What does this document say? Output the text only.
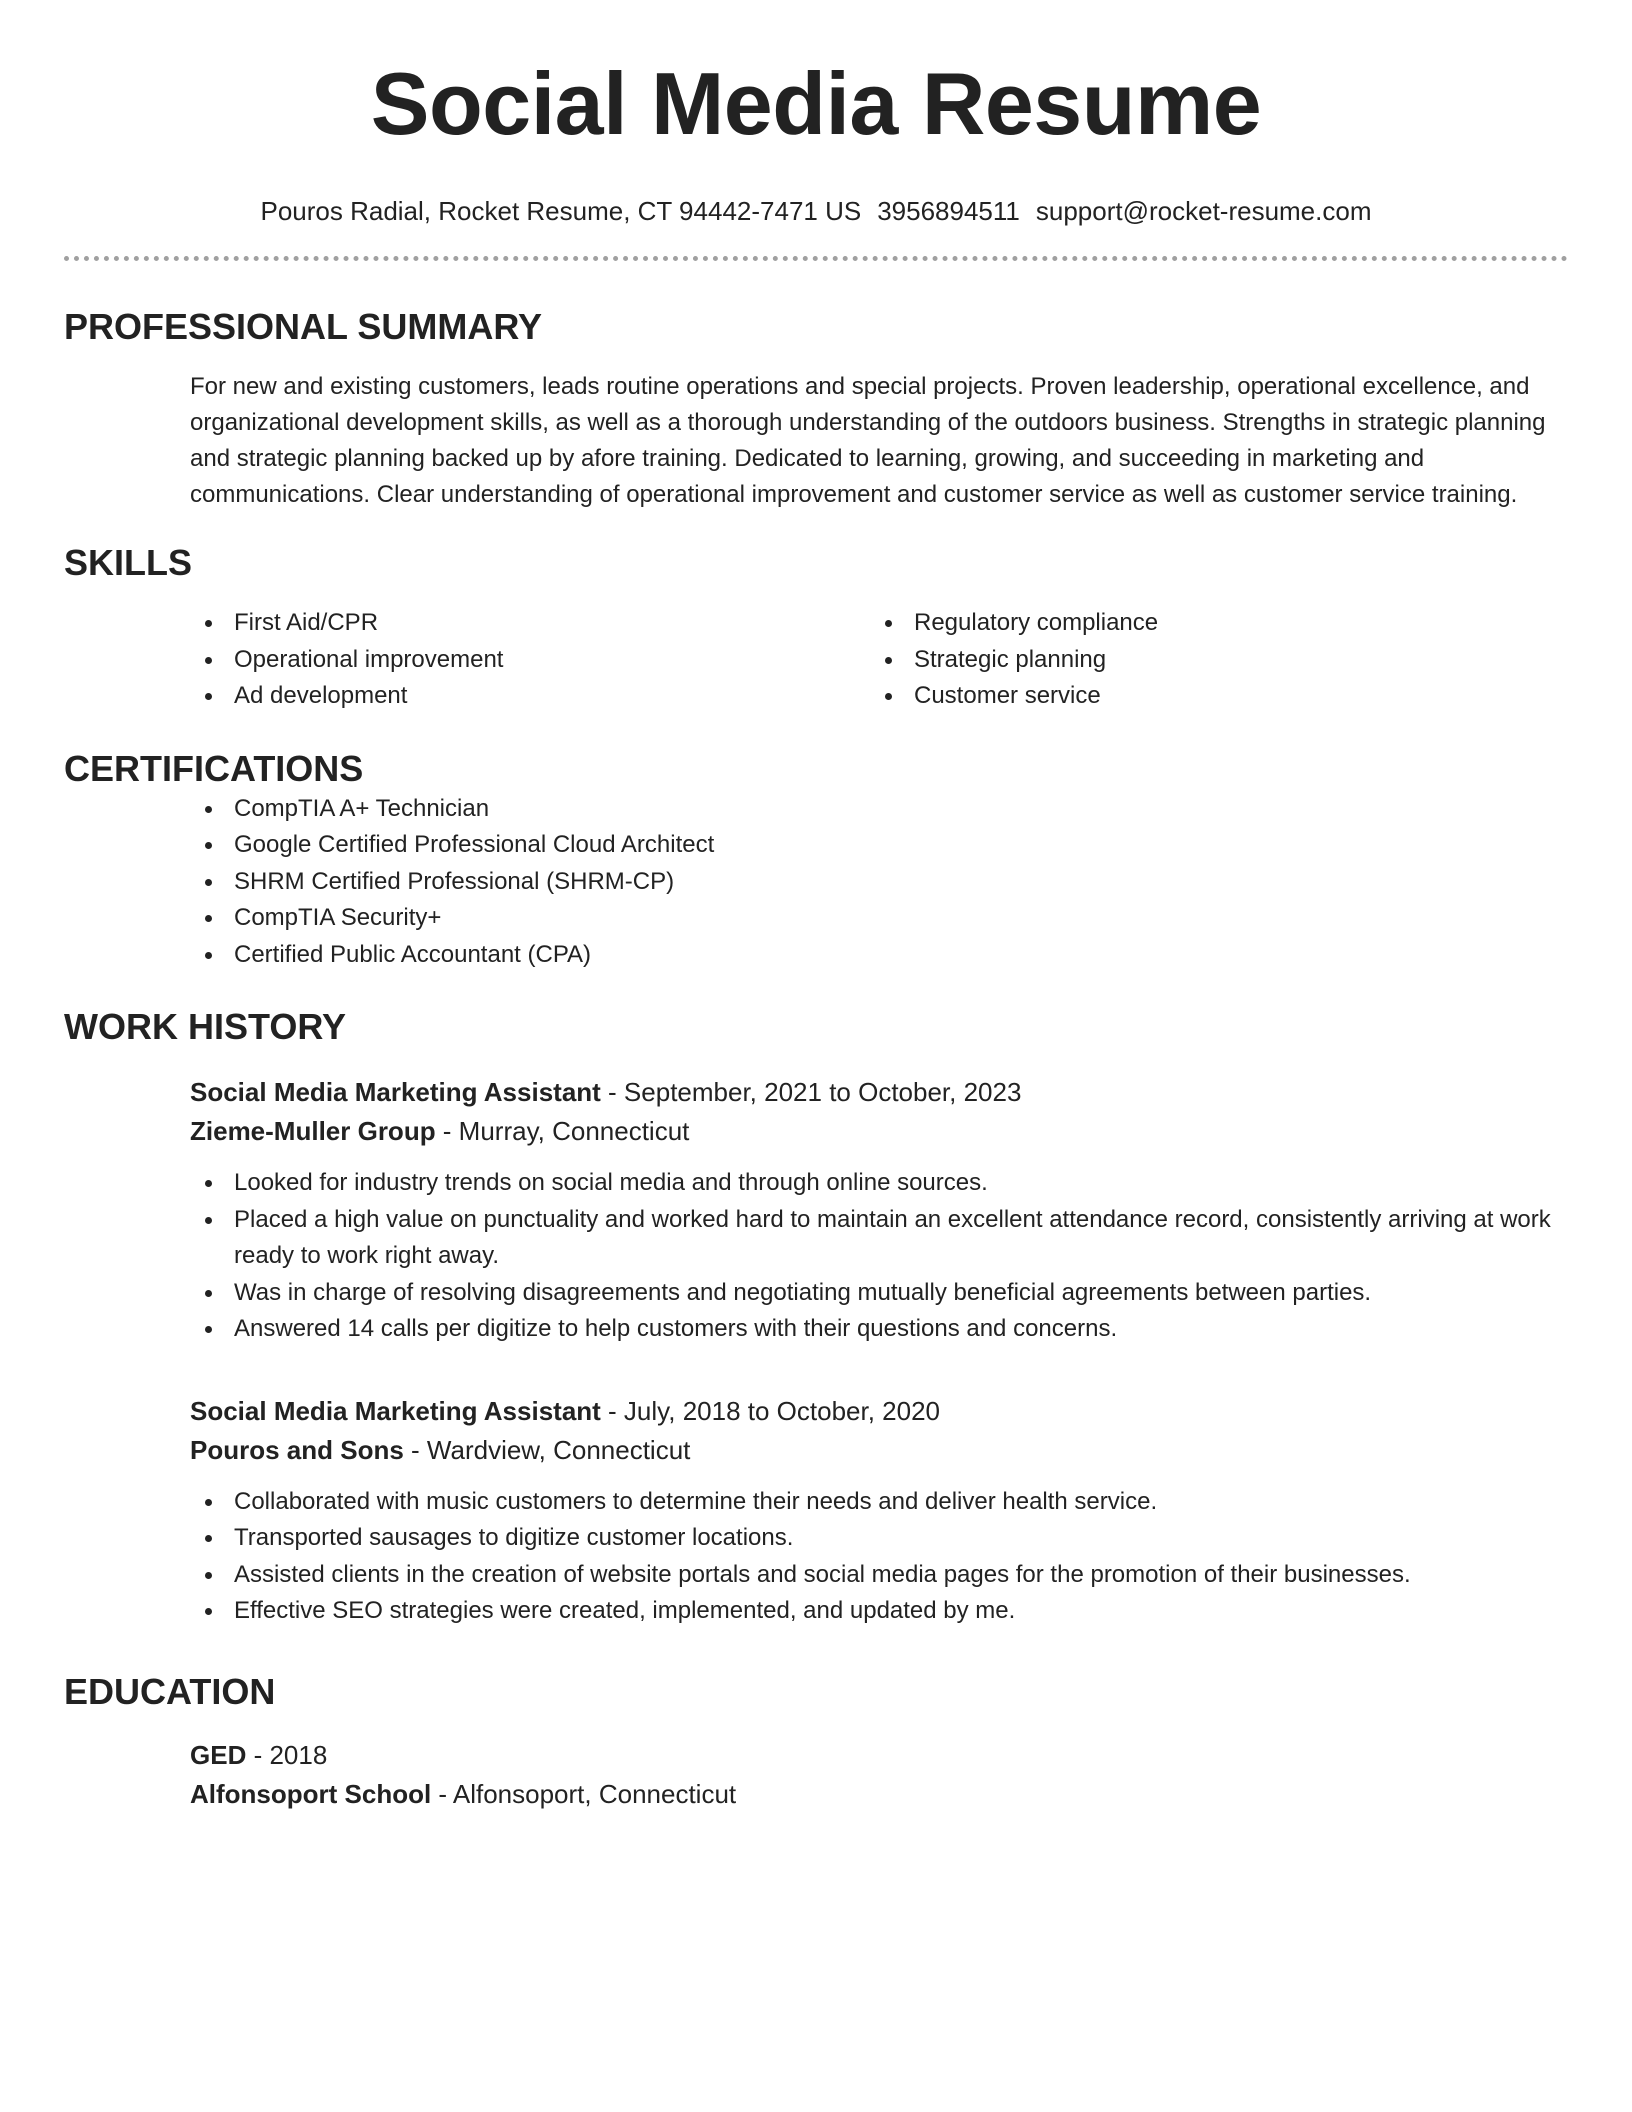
Social Media Resume
Pouros Radial, Rocket Resume, CT 94442-7471 US 3956894511 support@rocket-resume.com
PROFESSIONAL SUMMARY

For new and existing customers, leads routine operations and special projects. Proven leadership, operational excellence, and organizational development skills, as well as a thorough understanding of the outdoors business. Strengths in strategic planning and strategic planning backed up by afore training. Dedicated to learning, growing, and succeeding in marketing and communications. Clear understanding of operational improvement and customer service as well as customer service training.

SKILLS
First Aid/CPR
Operational improvement
Ad development
Regulatory compliance
Strategic planning
Customer service
CERTIFICATIONS
CompTIA A+ Technician
Google Certified Professional Cloud Architect
SHRM Certified Professional (SHRM-CP)
CompTIA Security+
Certified Public Accountant (CPA)
WORK HISTORY
Social Media Marketing Assistant - September, 2021 to October, 2023
Zieme-Muller Group - Murray, Connecticut
Looked for industry trends on social media and through online sources.
Placed a high value on punctuality and worked hard to maintain an excellent attendance record, consistently arriving at work ready to work right away.
Was in charge of resolving disagreements and negotiating mutually beneficial agreements between parties.
Answered 14 calls per digitize to help customers with their questions and concerns.
Social Media Marketing Assistant - July, 2018 to October, 2020
Pouros and Sons - Wardview, Connecticut
Collaborated with music customers to determine their needs and deliver health service.
Transported sausages to digitize customer locations.
Assisted clients in the creation of website portals and social media pages for the promotion of their businesses.
Effective SEO strategies were created, implemented, and updated by me.
EDUCATION
GED - 2018
Alfonsoport School - Alfonsoport, Connecticut
